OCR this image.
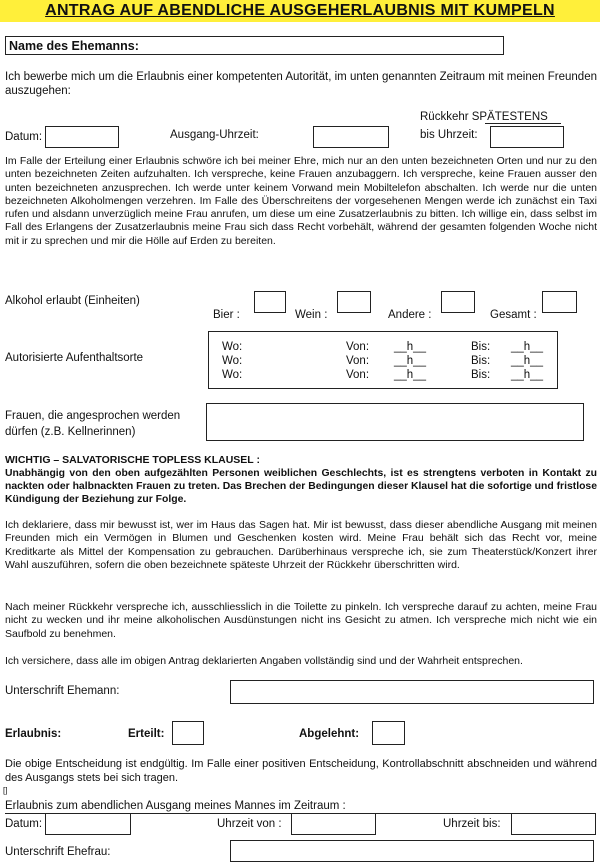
ANTRAG AUF ABENDLICHE AUSGEHERLAUBNIS MIT KUMPELN
Name des Ehemanns:
Ich bewerbe mich um die Erlaubnis einer kompetenten Autorität, im unten genannten Zeitraum mit meinen Freunden auszugehen:
Datum:	Ausgang-Uhrzeit:
Rückkehr SPÄTESTENS
bis Uhrzeit:
Im Falle der Erteilung einer Erlaubnis schwöre ich bei meiner Ehre, mich nur an den unten bezeichneten Orten und nur zu den unten bezeichneten Zeiten aufzuhalten. Ich verspreche, keine Frauen anzubaggern. Ich verspreche, keine Frauen ausser den unten bezeichneten anzusprechen. Ich werde unter keinem Vorwand mein Mobiltelefon abschalten. Ich werde nur die unten bezeichneten Alkoholmengen verzehren. Im Falle des Überschreitens der vorgesehenen Mengen werde ich zunächst ein Taxi rufen und alsdann unverzüglich meine Frau anrufen, um diese um eine Zusatzerlaubnis zu bitten. Ich willige ein, dass selbst im Fall des Erlangens der Zusatzerlaubnis meine Frau sich dass Recht vorbehält, während der gesamten folgenden Woche nicht mit ir zu sprechen und mir die Hölle auf Erden zu bereiten.
Alkohol erlaubt (Einheiten)
Bier :	Wein :	Andere :	Gesamt :
Autorisierte Aufenthaltsorte
Wo:	Von: __h__	Bis: __h__
Wo:	Von: __h__	Bis: __h__
Wo:	Von: __h__	Bis: __h__
Frauen, die angesprochen werden
dürfen (z.B. Kellnerinnen)
WICHTIG – SALVATORISCHE TOPLESS KLAUSEL :
Unabhängig von den oben aufgezählten Personen weiblichen Geschlechts, ist es strengtens verboten in Kontakt zu nackten oder halbnackten Frauen zu treten. Das Brechen der Bedingungen dieser Klausel hat die sofortige und fristlose Kündigung der Beziehung zur Folge.
Ich deklariere, dass mir bewusst ist, wer im Haus das Sagen hat. Mir ist bewusst, dass dieser abendliche Ausgang mit meinen Freunden mich ein Vermögen in Blumen und Geschenken kosten wird. Meine Frau behält sich das Recht vor, meine Kreditkarte als Mittel der Kompensation zu gebrauchen. Darüberhinaus verspreche ich, sie zum Theaterstück/Konzert ihrer Wahl auszuführen, sofern die oben bezeichnete späteste Uhrzeit der Rückkehr überschritten wird.
Nach meiner Rückkehr verspreche ich, ausschliesslich in die Toilette zu pinkeln. Ich verspreche darauf zu achten, meine Frau nicht zu wecken und ihr meine alkoholischen Ausdünstungen nicht ins Gesicht zu atmen. Ich verspreche mich nicht wie ein Saufbold zu benehmen.
Ich versichere, dass alle im obigen Antrag deklarierten Angaben vollständig sind und der Wahrheit entsprechen.
Unterschrift Ehemann:
Erlaubnis:	Erteilt:	Abgelehnt:
Die obige Entscheidung ist endgültig. Im Falle einer positiven Entscheidung, Kontrollabschnitt abschneiden und während des Ausgangs stets bei sich tragen.
[]
Erlaubnis zum abendlichen Ausgang meines Mannes im Zeitraum :
Datum:	Uhrzeit von :	Uhrzeit bis:
Unterschrift Ehefrau:
